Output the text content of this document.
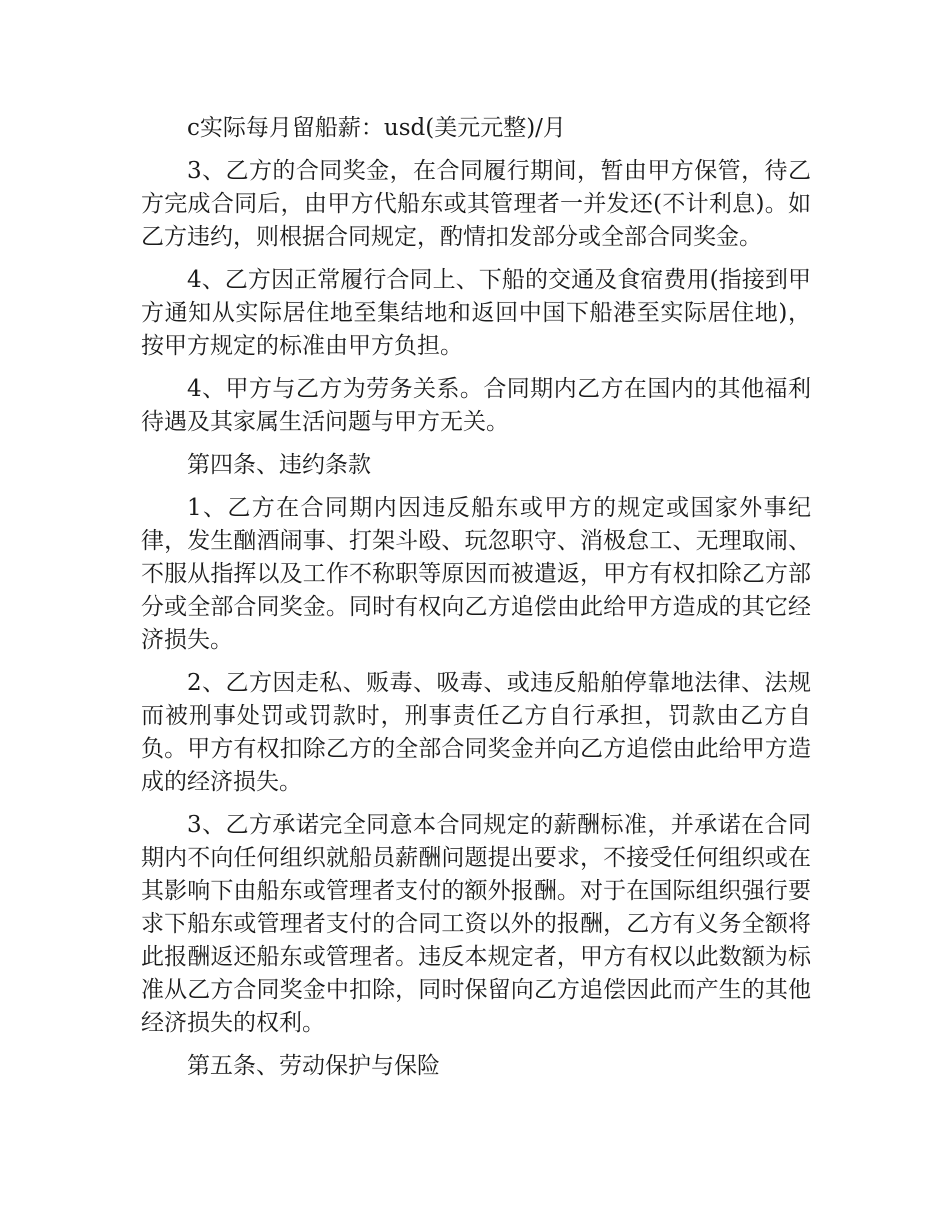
c实际每月留船薪：usd(美元元整)/月

3、乙方的合同奖金，在合同履行期间，暂由甲方保管，待乙方完成合同后，由甲方代船东或其管理者一并发还(不计利息)。如乙方违约，则根据合同规定，酌情扣发部分或全部合同奖金。

4、乙方因正常履行合同上、下船的交通及食宿费用(指接到甲方通知从实际居住地至集结地和返回中国下船港至实际居住地)，按甲方规定的标准由甲方负担。

4、甲方与乙方为劳务关系。合同期内乙方在国内的其他福利待遇及其家属生活问题与甲方无关。

第四条、违约条款

1、乙方在合同期内因违反船东或甲方的规定或国家外事纪律，发生酗酒闹事、打架斗殴、玩忽职守、消极怠工、无理取闹、不服从指挥以及工作不称职等原因而被遣返，甲方有权扣除乙方部分或全部合同奖金。同时有权向乙方追偿由此给甲方造成的其它经济损失。

2、乙方因走私、贩毒、吸毒、或违反船舶停靠地法律、法规而被刑事处罚或罚款时，刑事责任乙方自行承担，罚款由乙方自负。甲方有权扣除乙方的全部合同奖金并向乙方追偿由此给甲方造成的经济损失。

3、乙方承诺完全同意本合同规定的薪酬标准，并承诺在合同期内不向任何组织就船员薪酬问题提出要求，不接受任何组织或在其影响下由船东或管理者支付的额外报酬。对于在国际组织强行要求下船东或管理者支付的合同工资以外的报酬，乙方有义务全额将此报酬返还船东或管理者。违反本规定者，甲方有权以此数额为标准从乙方合同奖金中扣除，同时保留向乙方追偿因此而产生的其他经济损失的权利。

第五条、劳动保护与保险
